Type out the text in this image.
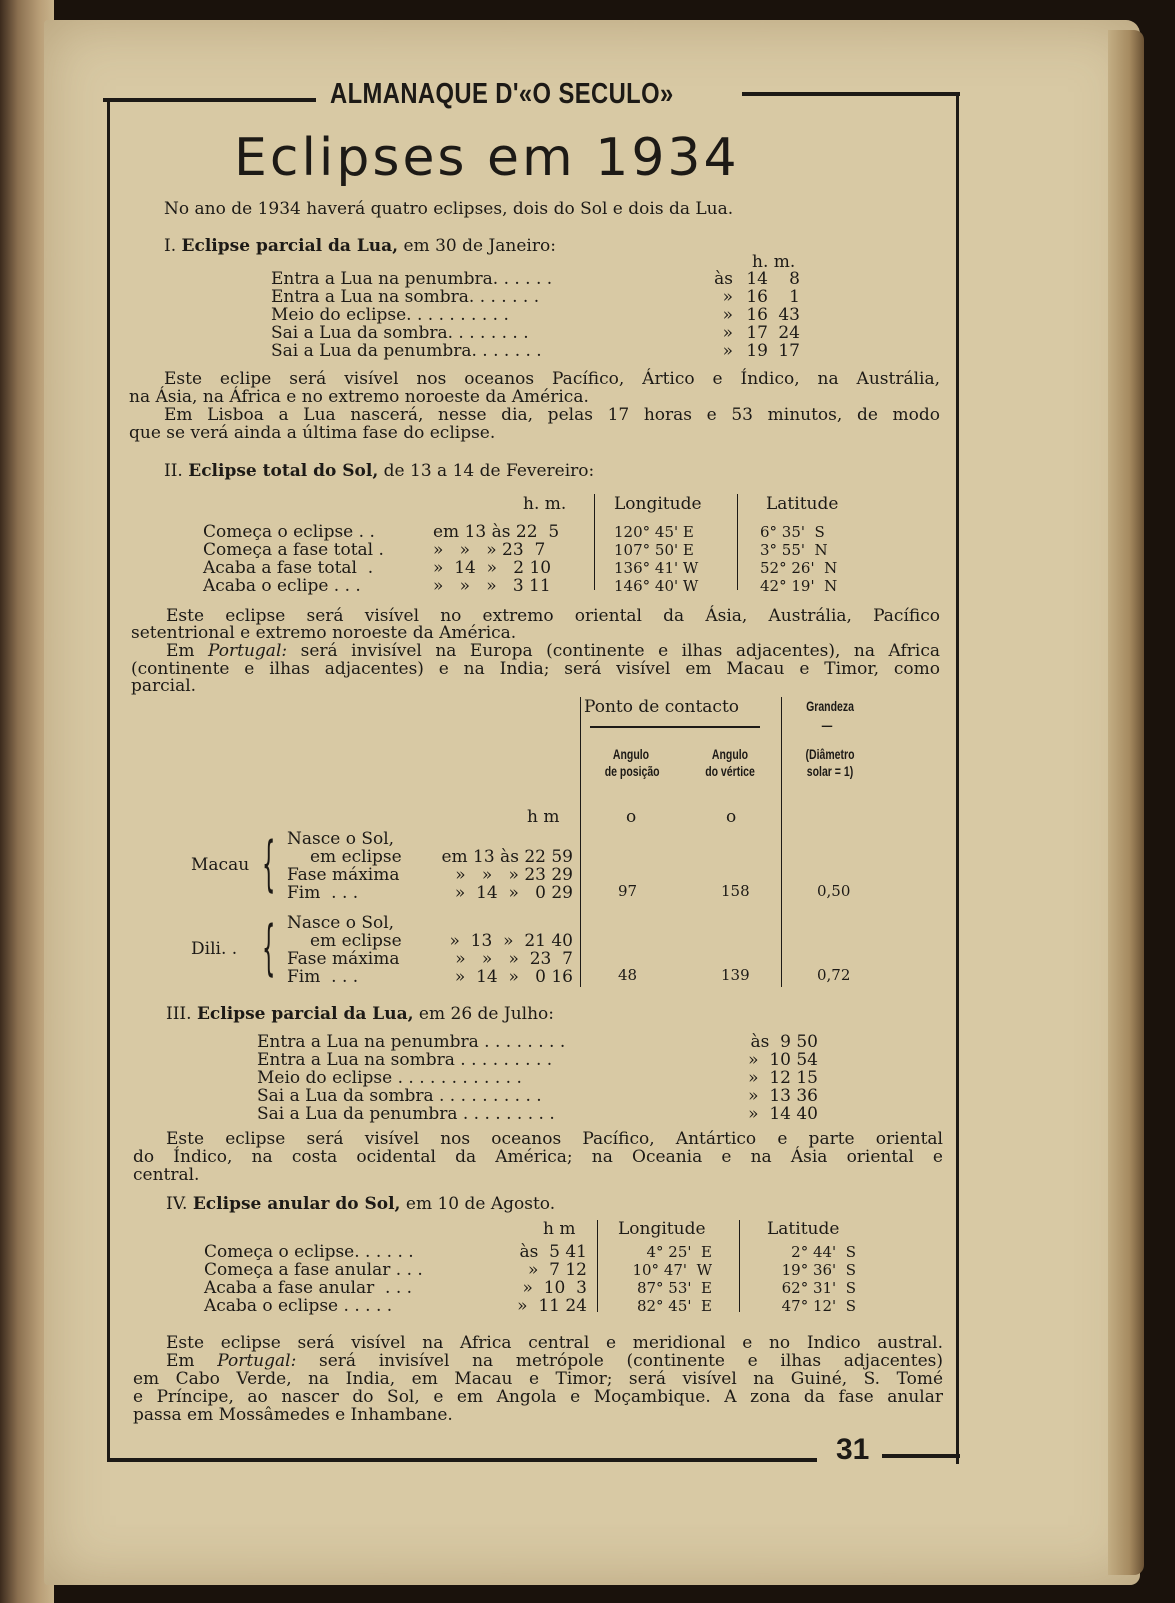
ALMANAQUE D'«O SECULO»
Eclipses em 1934
31
No ano de 1934 haverá quatro eclipses, dois do Sol e dois da Lua.
I. Eclipse parcial da Lua, em 30 de Janeiro:
h. m.
II. Eclipse total do Sol, de 13 a 14 de Fevereiro:
h. m.	Longitude	Latitude
Ponto de contacto	Grandeza
—
Angulo
de posição
Angulo
do vértice
(Diâmetro
solar = 1)
h m	o	o
III. Eclipse parcial da Lua, em 26 de Julho:
IV. Eclipse anular do Sol, em 10 de Agosto.
h m	Longitude	Latitude
Entra a Lua na penumbra. . . . . .	às 14	8
Entra a Lua na sombra. . . . . . .	» 16	1
Meio do eclipse. . . . . . . . . .	» 16 43
Sai a Lua da sombra. . . . . . . .	» 17 24
Sai a Lua da penumbra. . . . . . .	» 19 17
Este eclipe será visível nos oceanos Pacífico, Ártico e Índico, na Austrália,
na Ásia, na África e no extremo noroeste da América.
Em Lisboa a Lua nascerá, nesse dia, pelas 17 horas e 53 minutos, de modo
que se verá ainda a última fase do eclipse.
Começa o eclipse . .	em 13 às 22  5	120° 45' E	6° 35'  S
Começa a fase total .	»   »   » 23  7	107° 50' E	3° 55'  N
Acaba a fase total  .	»  14  »   2 10	136° 41' W	52° 26'  N
Acaba o eclipe . . .	»   »   »   3 11	146° 40' W	42° 19'  N
Este eclipse será visível no extremo oriental da Ásia, Austrália, Pacífico
setentrional e extremo noroeste da América.
Em Portugal: será invisível na Europa (continente e ilhas adjacentes), na Africa
(continente e ilhas adjacentes) e na India; será visível em Macau e Timor, como
parcial.
Macau { Nasce o Sol,
em eclipse	em 13 às 22 59
Fase máxima	»   »   » 23 29
Fim  . . .	»  14  »   0 29	97	158	0,50
Dili. . { Nasce o Sol,
em eclipse	»  13  »  21 40
Fase máxima	»   »   »  23  7
Fim  . . .	»  14  »   0 16	48	139	0,72
Entra a Lua na penumbra . . . . . . . .	às  9 50
Entra a Lua na sombra . . . . . . . . .	»  10 54
Meio do eclipse . . . . . . . . . . . .	»  12 15
Sai a Lua da sombra . . . . . . . . . .	»  13 36
Sai a Lua da penumbra . . . . . . . . .	»  14 40
Este eclipse será visível nos oceanos Pacífico, Antártico e parte oriental
do Índico, na costa ocidental da América; na Oceania e na Ásia oriental e
central.
Começa o eclipse. . . . . .	às  5 41	4° 25'  E	2° 44'  S
Começa a fase anular . . .	»  7 12	10° 47'  W	19° 36'  S
Acaba a fase anular  . . .	»  10  3	87° 53'  E	62° 31'  S
Acaba o eclipse . . . . .	»  11 24	82° 45'  E	47° 12'  S
Este eclipse será visível na Africa central e meridional e no Indico austral.
Em Portugal: será invisível na metrópole (continente e ilhas adjacentes)
em Cabo Verde, na India, em Macau e Timor; será visível na Guiné, S. Tomé
e Príncipe, ao nascer do Sol, e em Angola e Moçambique. A zona da fase anular
passa em Mossâmedes e Inhambane.
